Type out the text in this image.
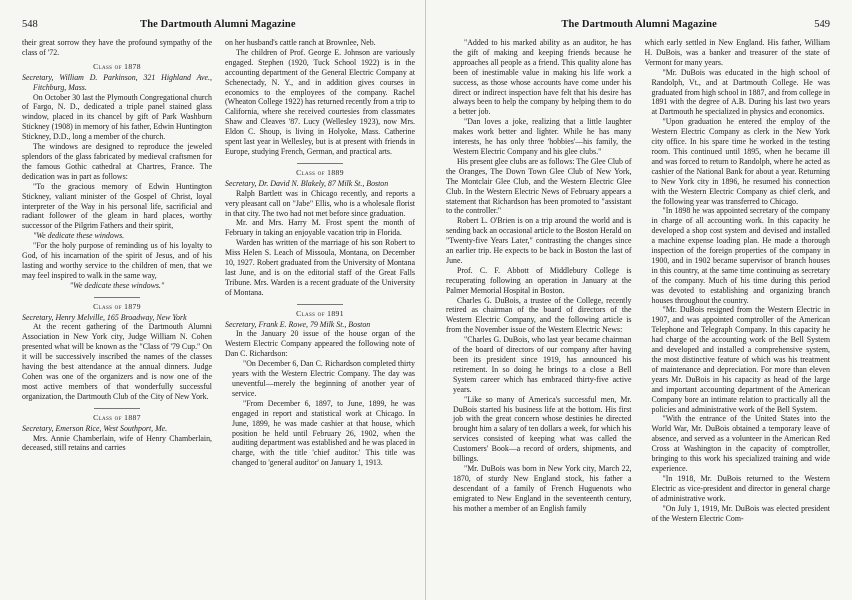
548	The Dartmouth Alumni Magazine

their great sorrow they have the profound sympathy of the class of '72.

Class of 1878

Secretary, William D. Parkinson, 321 Highland Ave., Fitchburg, Mass.

On October 30 last the Plymouth Congregational church of Fargo, N. D., dedicated a triple panel stained glass window, placed in its chancel by gift of Park Washburn Stickney (1908) in memory of his father, Edwin Huntington Stickney, D.D., long a member of the church.

The windows are designed to reproduce the jeweled splendors of the glass fabricated by medieval craftsmen for the famous Gothic cathedral at Chartres, France. The dedication was in part as follows:

"To the gracious memory of Edwin Huntington Stickney, valiant minister of the Gospel of Christ, loyal interpreter of the Way in his personal life, sacrificial and radiant follower of the gleam in hard places, worthy successor of the Pilgrim Fathers and their spirit,

"We dedicate these windows.

"For the holy purpose of reminding us of his loyalty to God, of his incarnation of the spirit of Jesus, and of his lasting and worthy service to the children of men, that we may feel inspired to walk in the same way,

"We dedicate these windows."

Class of 1879

Secretary, Henry Melville, 165 Broadway, New York

At the recent gathering of the Dartmouth Alumni Association in New York city, Judge William N. Cohen presented what will be known as the "Class of '79 Cup." On it will be successively inscribed the names of the classes having the best attendance at the annual dinners. Judge Cohen was one of the organizers and is now one of the most active members of that wonderfully successful organization, the Dartmouth Club of the City of New York.

Class of 1887

Secretary, Emerson Rice, West Southport, Me.

Mrs. Annie Chamberlain, wife of Henry Chamberlain, deceased, still retains and carries

on her husband's cattle ranch at Brownlee, Neb.

The children of Prof. George E. Johnson are variously engaged. Stephen (1920, Tuck School 1922) is in the accounting department of the General Electric Company at Schenectady, N. Y., and in addition gives courses in economics to the employees of the company. Rachel (Wheaton College 1922) has returned recently from a trip to California, where she received courtesies from classmates Shaw and Cleaves '87. Lucy (Wellesley 1923), now Mrs. Eldon C. Shoup, is living in Holyoke, Mass. Catherine spent last year in Wellesley, but is at present with friends in Europe, studying French, German, and practical arts.

Class of 1889

Secretary, Dr. David N. Blakely, 87 Milk St., Boston

Ralph Bartlett was in Chicago recently, and reports a very pleasant call on "Jabe" Ellis, who is a wholesale florist in that city. The two had not met before since graduation.

Mr. and Mrs. Harry M. Frost spent the month of February in taking an enjoyable vacation trip in Florida.

Warden has written of the marriage of his son Robert to Miss Helen S. Leach of Missoula, Montana, on December 10, 1927. Robert graduated from the University of Montana last June, and is on the editorial staff of the Great Falls Tribune. Mrs. Warden is a recent graduate of the University of Montana.

Class of 1891

Secretary, Frank E. Rowe, 79 Milk St., Boston

In the January 20 issue of the house organ of the Western Electric Company appeared the following note of Dan C. Richardson:

"On December 6, Dan C. Richardson completed thirty years with the Western Electric Company. The day was uneventful—merely the beginning of another year of service.

"From December 6, 1897, to June, 1899, he was engaged in report and statistical work at Chicago. In June, 1899, he was made cashier at that house, which position he held until February 26, 1902, when the auditing department was established and he was placed in charge, with the title 'chief auditor.' This title was changed to 'general auditor' on January 1, 1913.

The Dartmouth Alumni Magazine	549

"Added to his marked ability as an auditor, he has the gift of making and keeping friends because he approaches all people as a friend. This quality alone has been of inestimable value in making his life work a success, as those whose accounts have come under his direct or indirect inspection have felt that his desire has always been to help the company by helping them to do a better job.

"Dan loves a joke, realizing that a little laughter makes work better and lighter. While he has many interests, he has only three 'hobbies'—his family, the Western Electric Company and his glee clubs."

His present glee clubs are as follows: The Glee Club of the Oranges, The Down Town Glee Club of New York, The Montclair Glee Club, and the Western Electric Glee Club. In the Western Electric News of February appears a statement that Richardson has been promoted to "assistant to the controller."

Robert L. O'Brien is on a trip around the world and is sending back an occasional article to the Boston Herald on "Twenty-five Years Later," contrasting the changes since an earlier trip. He expects to be back in Boston the last of June.

Prof. C. F. Abbott of Middlebury College is recuperating following an operation in January at the Palmer Memorial Hospital in Boston.

Charles G. DuBois, a trustee of the College, recently retired as chairman of the board of directors of the Western Electric Company, and the following article is from the November issue of the Western Electric News:

"Charles G. DuBois, who last year became chairman of the board of directors of our company after having been its president since 1919, has announced his retirement. In so doing he brings to a close a Bell System career which has embraced thirty-five active years.

"Like so many of America's successful men, Mr. DuBois started his business life at the bottom. His first job with the great concern whose destinies he directed brought him a salary of ten dollars a week, for which his services consisted of keeping what was called the Customers' Book—a record of orders, shipments, and billings.

"Mr. DuBois was born in New York city, March 22, 1870, of sturdy New England stock, his father a descendant of a family of French Huguenots who emigrated to New England in the seventeenth century, his mother a member of an English family

which early settled in New England. His father, William H. DuBois, was a banker and treasurer of the state of Vermont for many years.

"Mr. DuBois was educated in the high school of Randolph, Vt., and at Dartmouth College. He was graduated from high school in 1887, and from college in 1891 with the degree of A.B. During his last two years at Dartmouth he specialized in physics and economics.

"Upon graduation he entered the employ of the Western Electric Company as clerk in the New York city office. In his spare time he worked in the testing room. This continued until 1895, when he became ill and was forced to return to Randolph, where he acted as cashier of the National Bank for about a year. Returning to New York city in 1896, he resumed his connection with the Western Electric Company as chief clerk, and the following year was transferred to Chicago.

"In 1898 he was appointed secretary of the company in charge of all accounting work. In this capacity he developed a shop cost system and devised and installed a machine expense loading plan. He made a thorough inspection of the foreign properties of the company in 1900, and in 1902 became supervisor of branch houses in this country, at the same time continuing as secretary of the company. Much of his time during this period was devoted to establishing and organizing branch houses throughout the country.

"Mr. DuBois resigned from the Western Electric in 1907, and was appointed comptroller of the American Telephone and Telegraph Company. In this capacity he had charge of the accounting work of the Bell System and developed and installed a comprehensive system, the most distinctive feature of which was his treatment of maintenance and depreciation. For more than eleven years Mr. DuBois in his capacity as head of the large and important accounting department of the American Company bore an intimate relation to practically all the policies and administrative work of the Bell System.

"With the entrance of the United States into the World War, Mr. DuBois obtained a temporary leave of absence, and served as a volunteer in the American Red Cross at Washington in the capacity of comptroller, bringing to this work his specialized training and wide experience.

"In 1918, Mr. DuBois returned to the Western Electric as vice-president and director in general charge of administrative work.

"On July 1, 1919, Mr. DuBois was elected president of the Western Electric Com-
